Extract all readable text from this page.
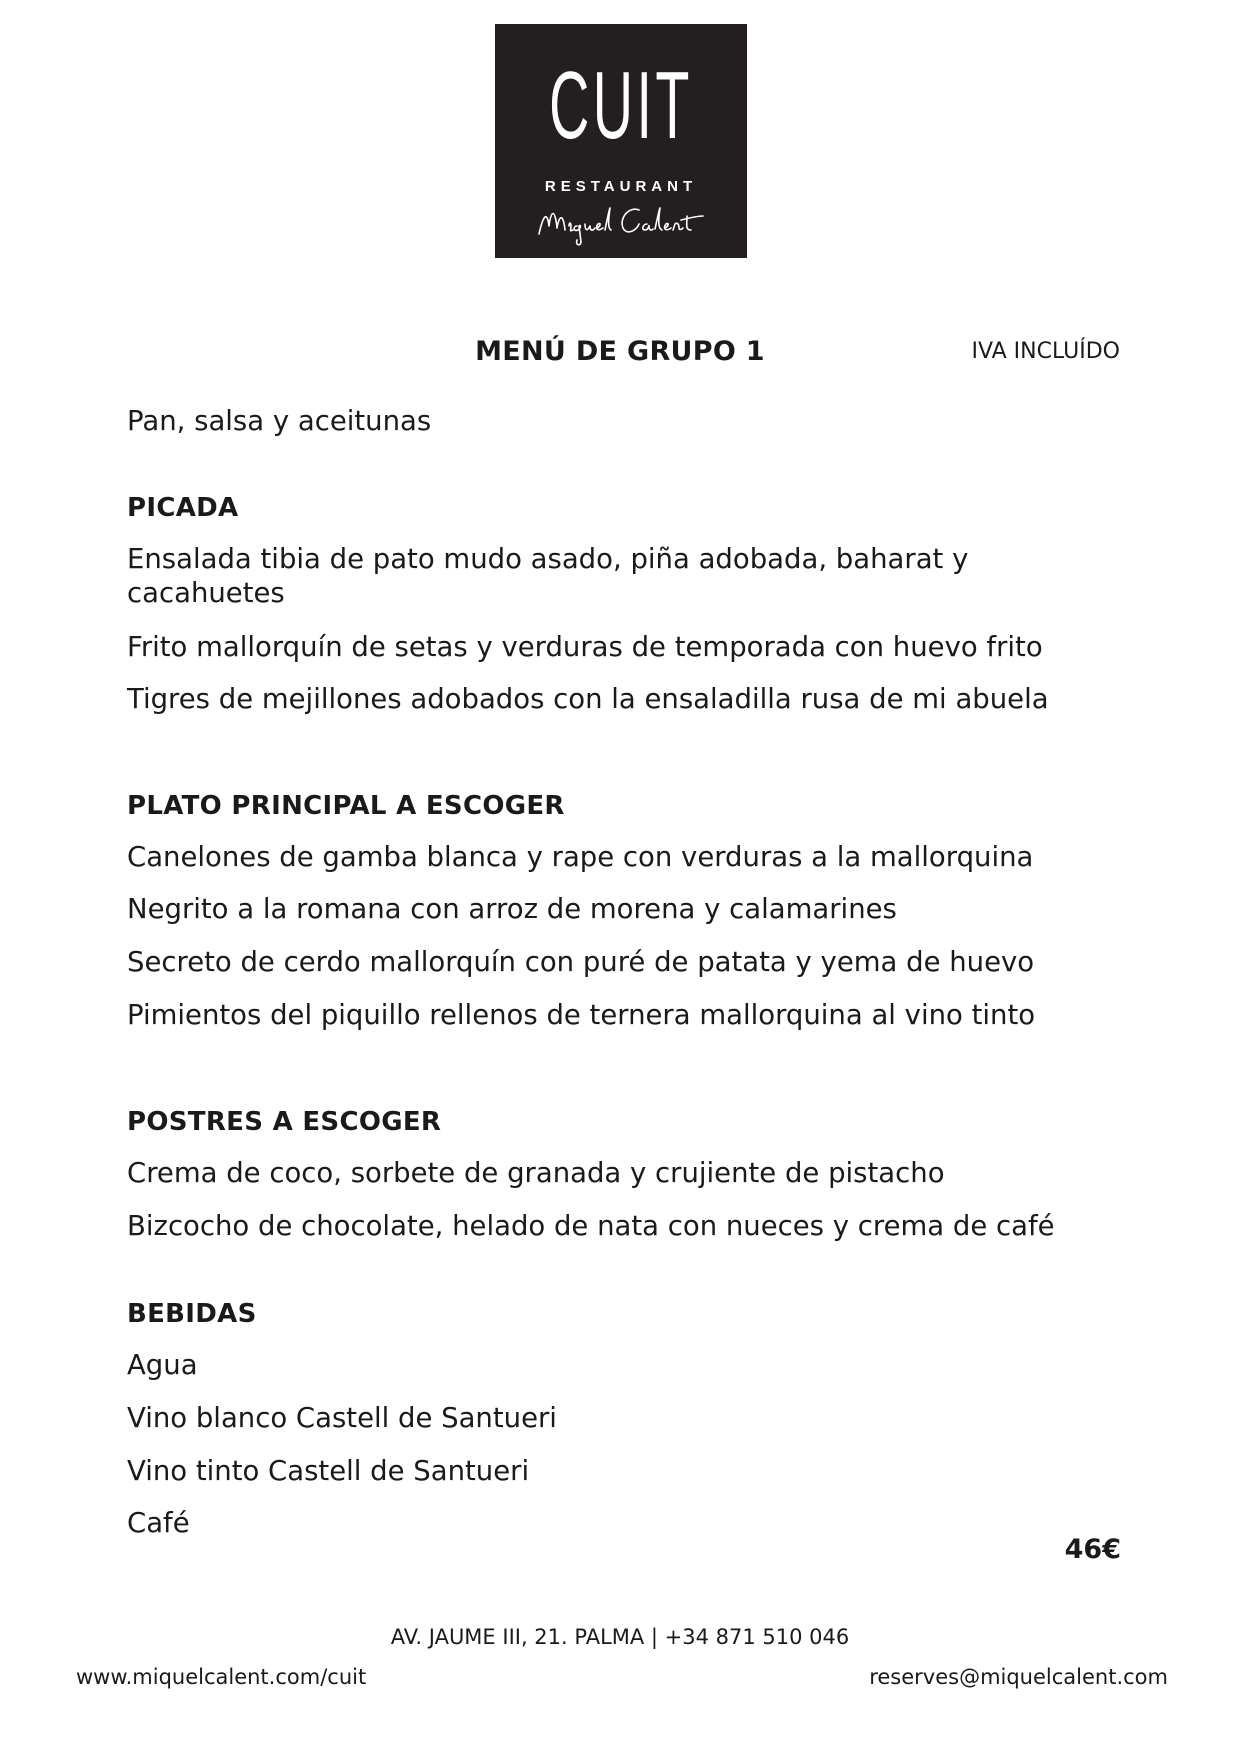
CUIT
RESTAURANT
MENÚ DE GRUPO 1	IVA INCLUÍDO
Pan, salsa y aceitunas
PICADA
Ensalada tibia de pato mudo asado, piña adobada, baharat y
cacahuetes
Frito mallorquín de setas y verduras de temporada con huevo frito
Tigres de mejillones adobados con la ensaladilla rusa de mi abuela
PLATO PRINCIPAL A ESCOGER
Canelones de gamba blanca y rape con verduras a la mallorquina
Negrito a la romana con arroz de morena y calamarines
Secreto de cerdo mallorquín con puré de patata y yema de huevo
Pimientos del piquillo rellenos de ternera mallorquina al vino tinto
POSTRES A ESCOGER
Crema de coco, sorbete de granada y crujiente de pistacho
Bizcocho de chocolate, helado de nata con nueces y crema de café
BEBIDAS
Agua
Vino blanco Castell de Santueri
Vino tinto Castell de Santueri
Café
46€
AV. JAUME III, 21. PALMA | +34 871 510 046
www.miquelcalent.com/cuit	reserves@miquelcalent.com
